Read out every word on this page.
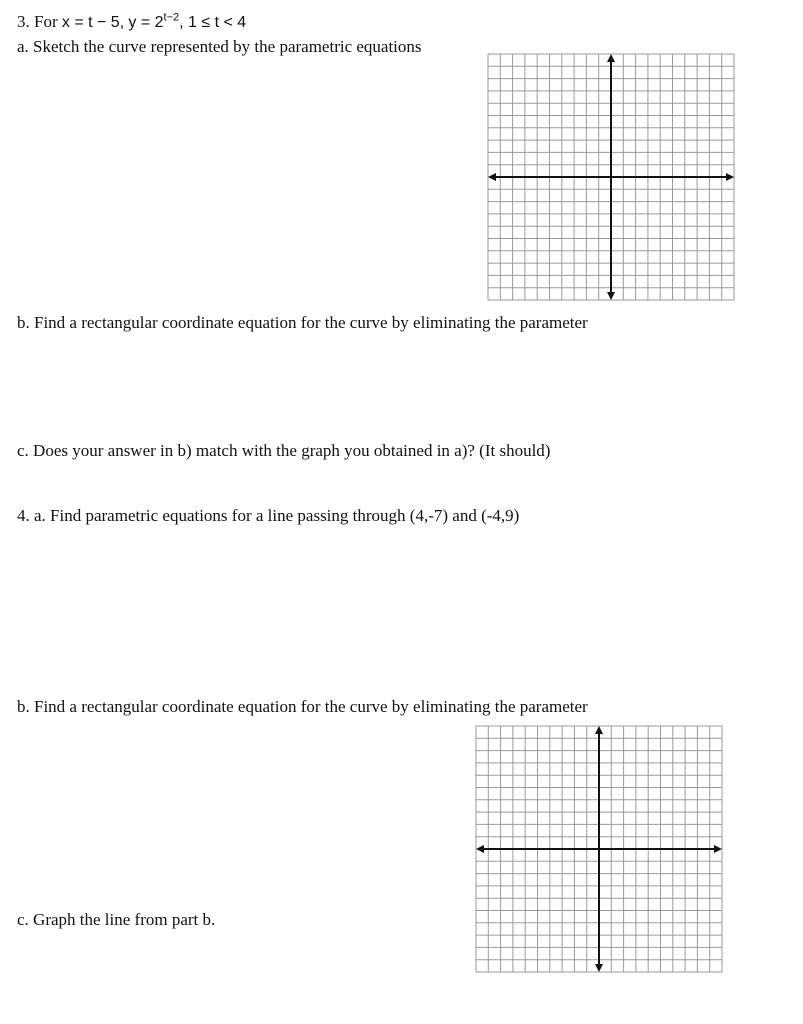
3. For x = t − 5, $y = 2^{t-2}$, 1 ≤ t < 4
a. Sketch the curve represented by the parametric equations
b. Find a rectangular coordinate equation for the curve by eliminating the parameter
c. Does your answer in b) match with the graph you obtained in a)? (It should)
4. a. Find parametric equations for a line passing through (4,-7) and (-4,9)
b. Find a rectangular coordinate equation for the curve by eliminating the parameter
c. Graph the line from part b.
